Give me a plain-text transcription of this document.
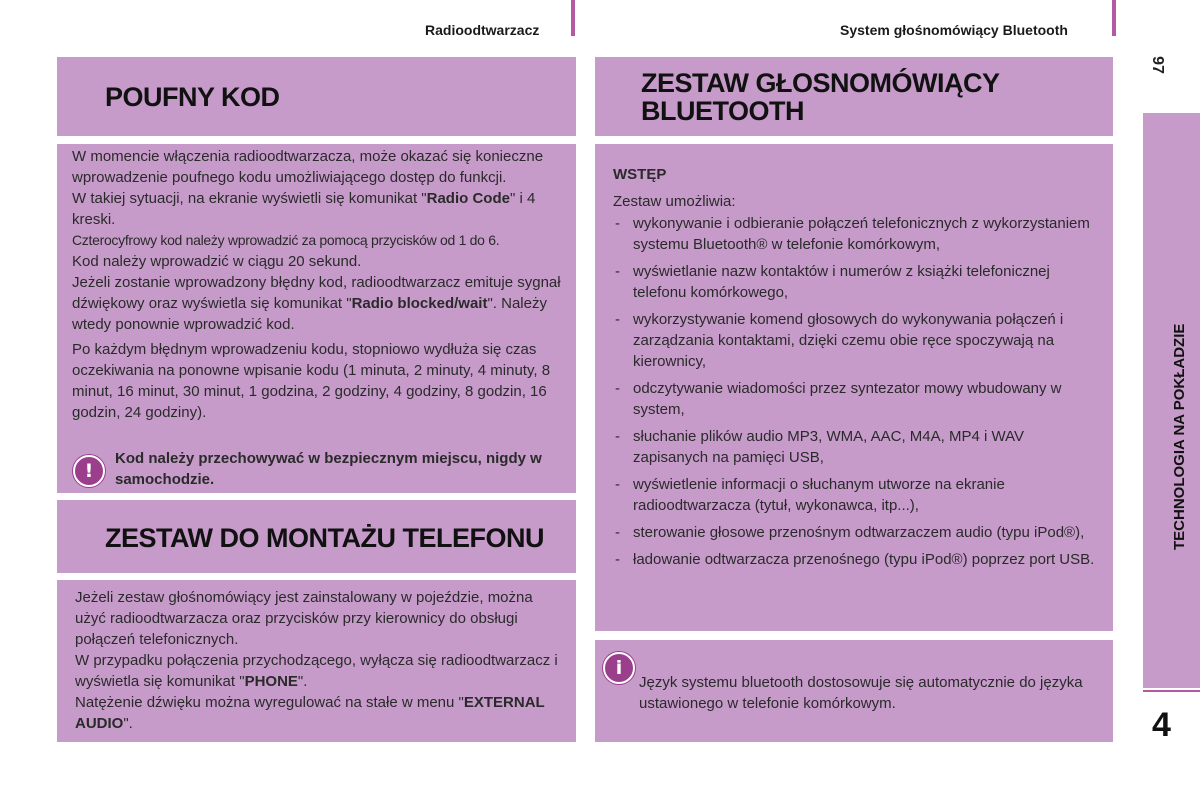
Radioodtwarzacz	System głośnomówiący Bluetooth
97
TECHNOLOGIA NA POKŁADZIE
4
POUFNY KOD

W momencie włączenia radioodtwarzacza, może okazać się konieczne wprowadzenie poufnego kodu umożliwiającego dostęp do funkcji.

W takiej sytuacji, na ekranie wyświetli się komunikat "Radio Code" i 4 kreski.

Czterocyfrowy kod należy wprowadzić za pomocą przycisków od 1 do 6.

Kod należy wprowadzić w ciągu 20 sekund.

Jeżeli zostanie wprowadzony błędny kod, radioodtwarzacz emituje sygnał dźwiękowy oraz wyświetla się komunikat "Radio blocked/wait". Należy wtedy ponownie wprowadzić kod.

Po każdym błędnym wprowadzeniu kodu, stopniowo wydłuża się czas oczekiwania na ponowne wpisanie kodu (1 minuta, 2 minuty, 4 minuty, 8 minut, 16 minut, 30 minut, 1 godzina, 2 godziny, 4 godziny, 8 godzin, 16 godzin, 24 godziny).

!
Kod należy przechowywać w bezpiecznym miejscu, nigdy w samochodzie.
ZESTAW DO MONTAŻU TELEFONU

Jeżeli zestaw głośnomówiący jest zainstalowany w pojeździe, można użyć radioodtwarzacza oraz przycisków przy kierownicy do obsługi połączeń telefonicznych.

W przypadku połączenia przychodzącego, wyłącza się radioodtwarzacz i wyświetla się komunikat "PHONE".

Natężenie dźwięku można wyregulować na stałe w menu "EXTERNAL AUDIO".

ZESTAW GŁOSNOMÓWIĄCY
BLUETOOTH
WSTĘP
Zestaw umożliwia:
- wykonywanie i odbieranie połączeń telefonicznych z wykorzystaniem systemu Bluetooth® w telefonie komórkowym,
- wyświetlanie nazw kontaktów i numerów z książki telefonicznej telefonu komórkowego,
- wykorzystywanie komend głosowych do wykonywania połączeń i zarządzania kontaktami, dzięki czemu obie ręce spoczywają na kierownicy,
- odczytywanie wiadomości przez syntezator mowy wbudowany w system,
- słuchanie plików audio MP3, WMA, AAC, M4A, MP4 i WAV zapisanych na pamięci USB,
- wyświetlenie informacji o słuchanym utworze na ekranie radioodtwarzacza (tytuł, wykonawca, itp...),
- sterowanie głosowe przenośnym odtwarzaczem audio (typu iPod®),
- ładowanie odtwarzacza przenośnego (typu iPod®) poprzez port USB.
i
Język systemu bluetooth dostosowuje się automatycznie do języka ustawionego w telefonie komórkowym.
